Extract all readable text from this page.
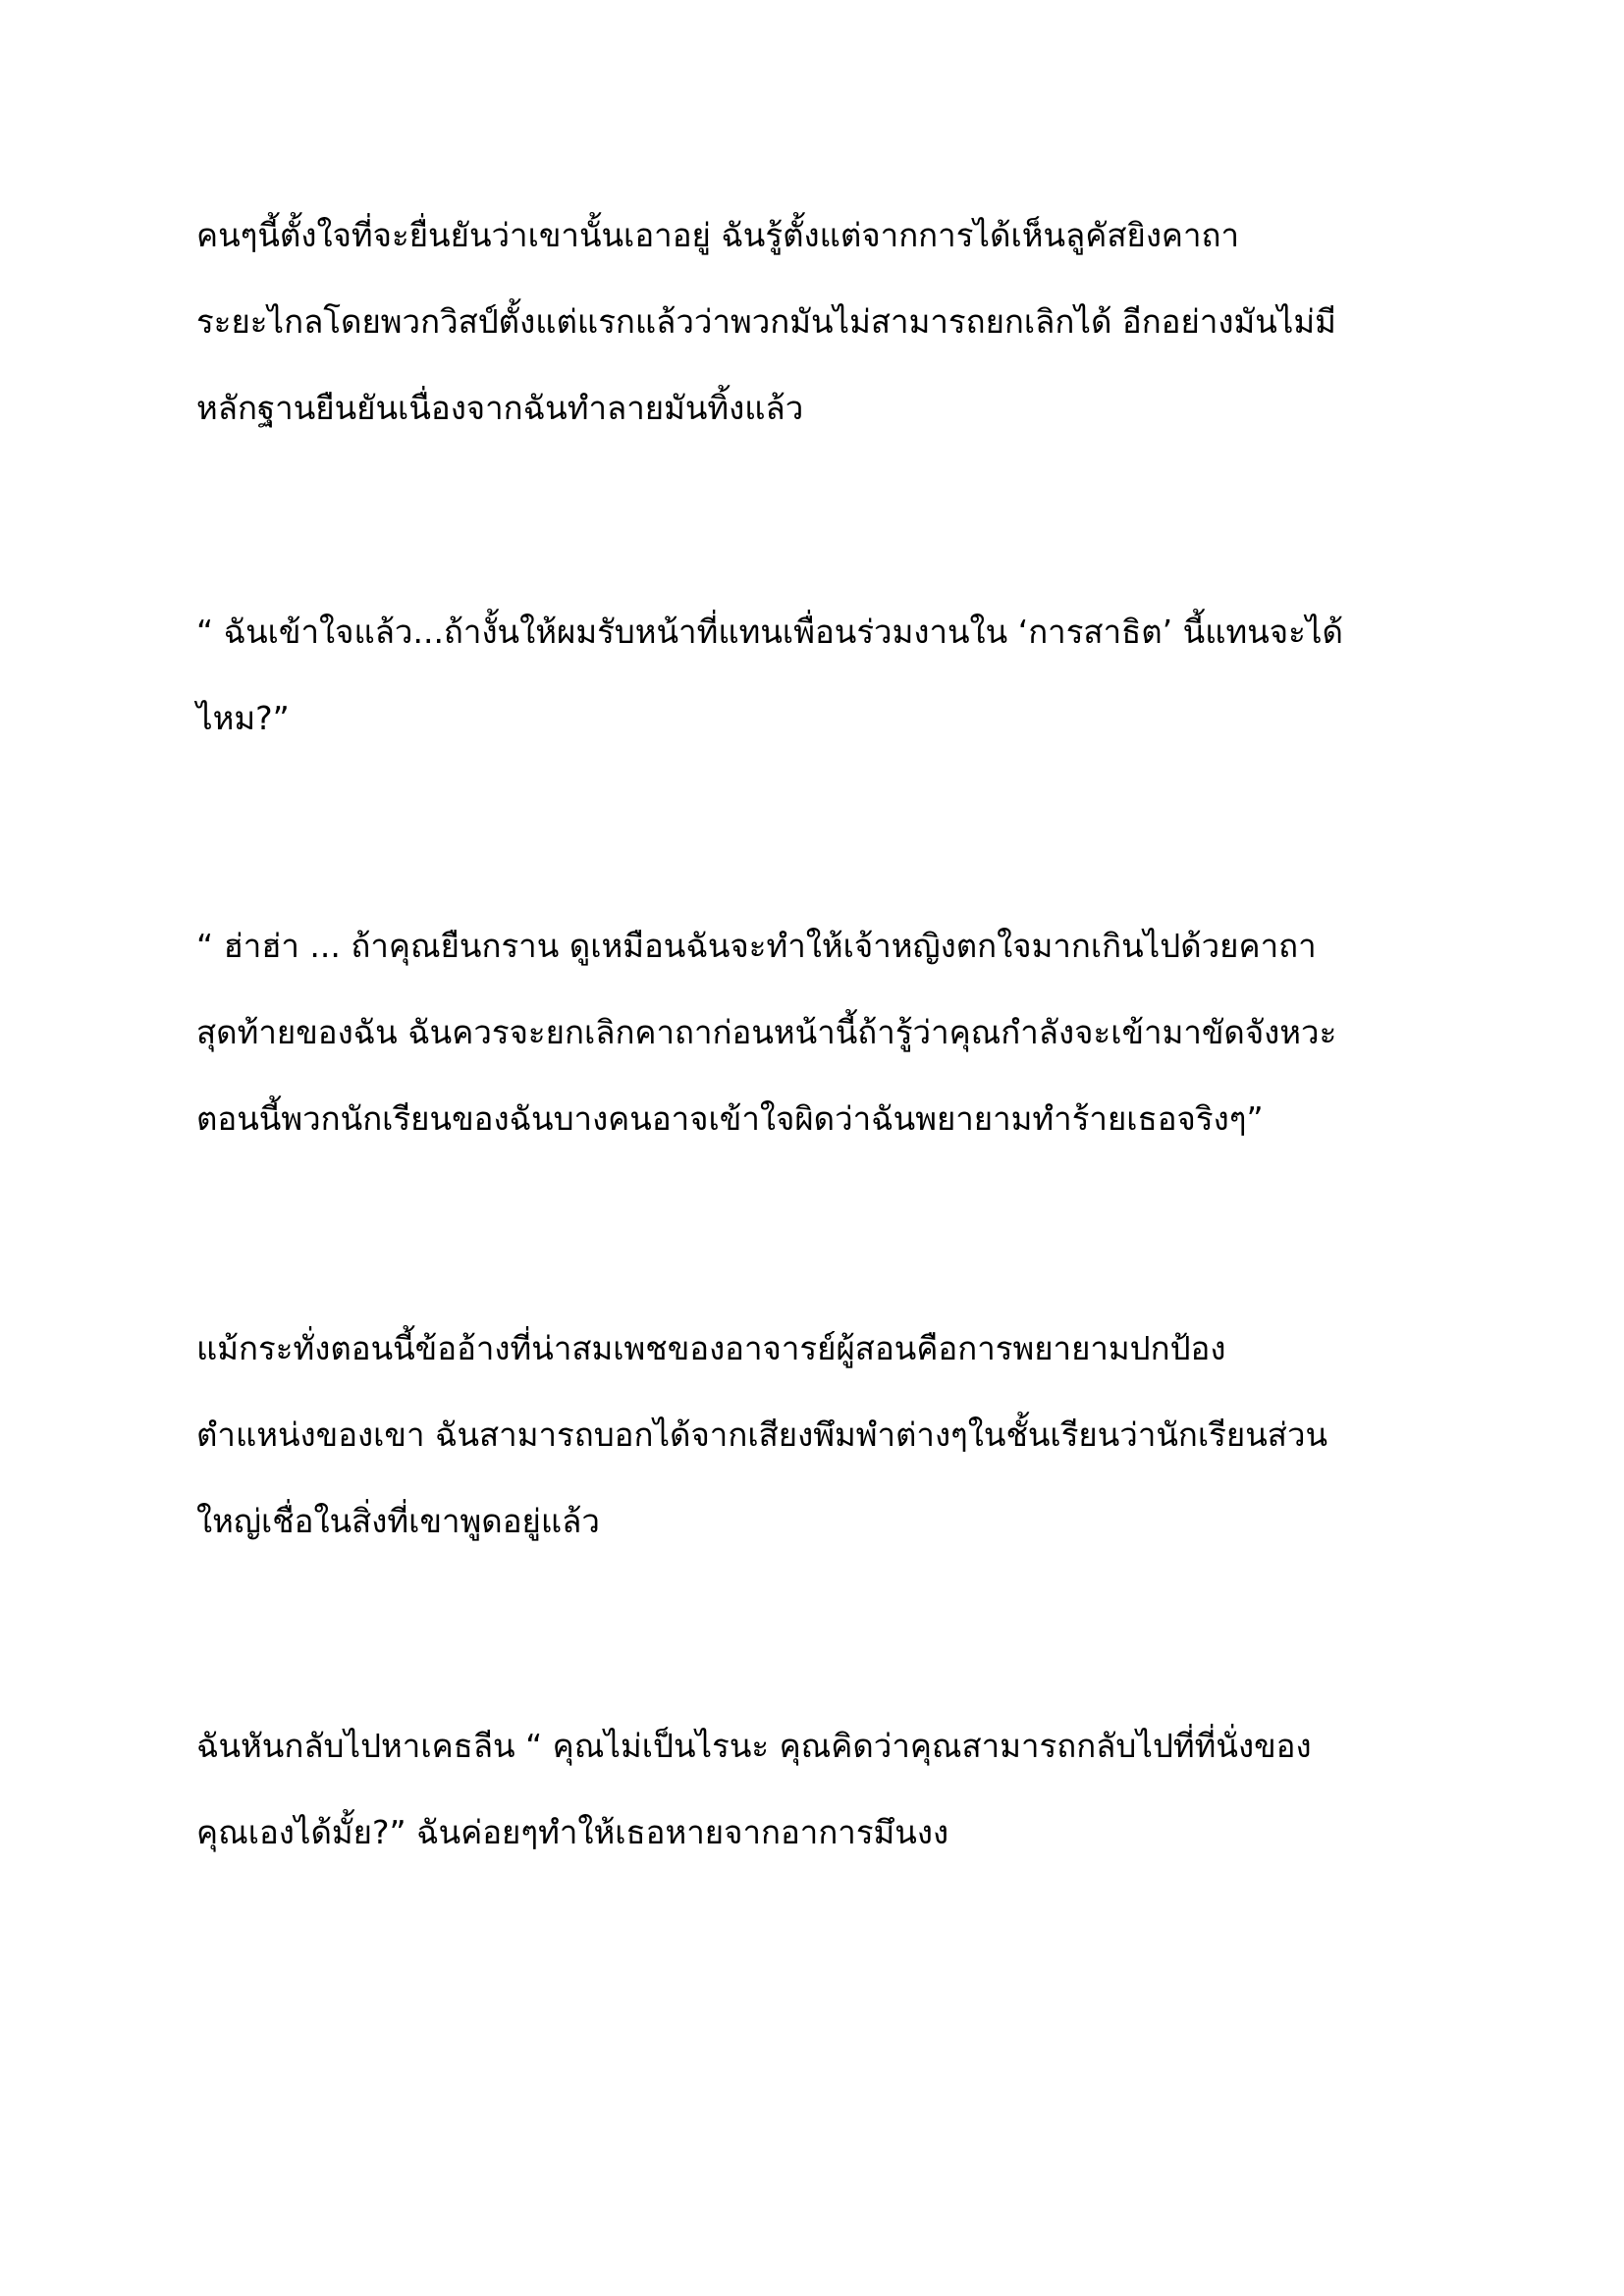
คนๆนี้ตั้งใจที่จะยื่นยันว่าเขานั้นเอาอยู่ ฉันรู้ตั้งแต่จากการได้เห็นลูคัสยิงคาถา
ระยะไกลโดยพวกวิสป์ตั้งแต่แรกแล้วว่าพวกมันไม่สามารถยกเลิกได้ อีกอย่างมันไม่มี
หลักฐานยืนยันเนื่องจากฉันทำลายมันทิ้งแล้ว

“ ฉันเข้าใจแล้ว...ถ้างั้นให้ผมรับหน้าที่แทนเพื่อนร่วมงานใน ‘การสาธิต’ นี้แทนจะได้
ไหม?”

“ ฮ่าฮ่า ... ถ้าคุณยืนกราน ดูเหมือนฉันจะทำให้เจ้าหญิงตกใจมากเกินไปด้วยคาถา
สุดท้ายของฉัน ฉันควรจะยกเลิกคาถาก่อนหน้านี้ถ้ารู้ว่าคุณกำลังจะเข้ามาขัดจังหวะ
ตอนนี้พวกนักเรียนของฉันบางคนอาจเข้าใจผิดว่าฉันพยายามทำร้ายเธอจริงๆ”

แม้กระทั่งตอนนี้ข้ออ้างที่น่าสมเพชของอาจารย์ผู้สอนคือการพยายามปกป้อง
ตำแหน่งของเขา ฉันสามารถบอกได้จากเสียงพึมพำต่างๆในชั้นเรียนว่านักเรียนส่วน
ใหญ่เชื่อในสิ่งที่เขาพูดอยู่แล้ว

ฉันหันกลับไปหาเคธลีน “ คุณไม่เป็นไรนะ คุณคิดว่าคุณสามารถกลับไปที่ที่นั่งของ
คุณเองได้มั้ย?” ฉันค่อยๆทำให้เธอหายจากอาการมึนงง
